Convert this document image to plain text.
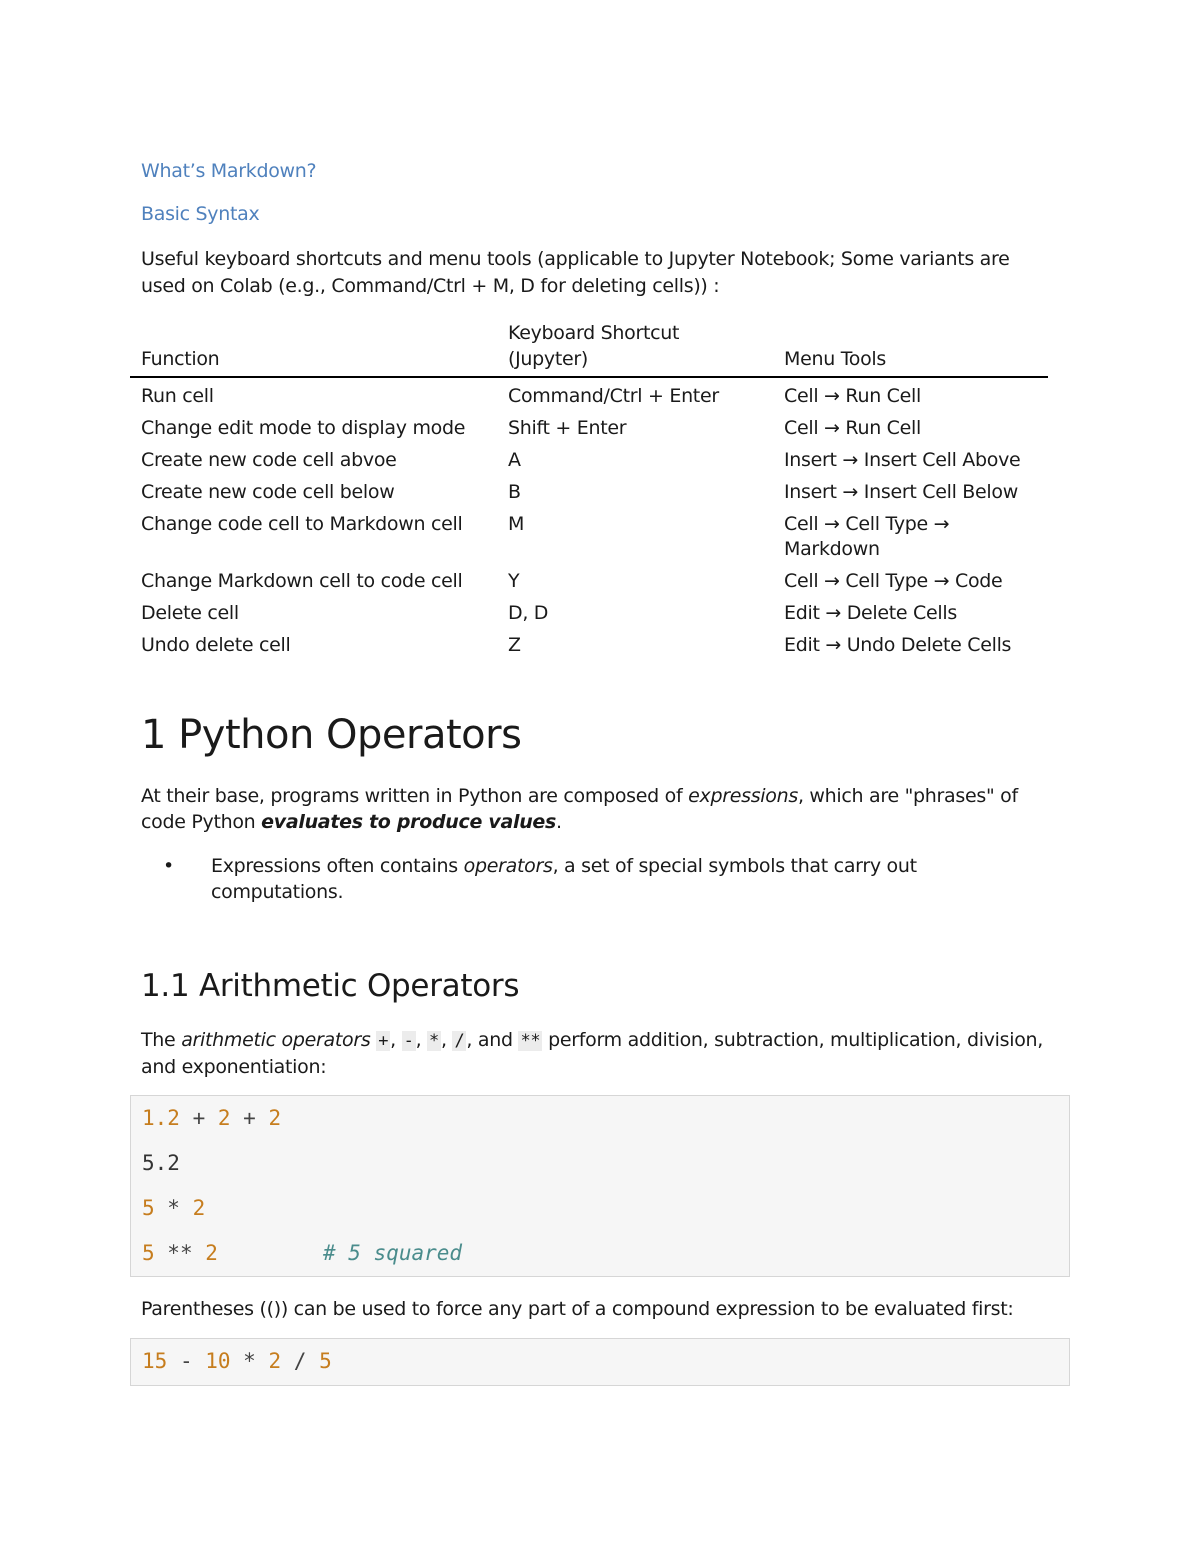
What’s Markdown?
Basic Syntax
Useful keyboard shortcuts and menu tools (applicable to Jupyter Notebook; Some variants are used on Colab (e.g., Command/Ctrl + M, D for deleting cells)) :
Function	Keyboard Shortcut (Jupyter)	Menu Tools
Run cell	Command/Ctrl + Enter	Cell → Run Cell
Change edit mode to display mode	Shift + Enter	Cell → Run Cell
Create new code cell abvoe	A	Insert → Insert Cell Above
Create new code cell below	B	Insert → Insert Cell Below
Change code cell to Markdown cell	M	Cell → Cell Type → Markdown
Change Markdown cell to code cell	Y	Cell → Cell Type → Code
Delete cell	D, D	Edit → Delete Cells
Undo delete cell	Z	Edit → Undo Delete Cells
1 Python Operators
At their base, programs written in Python are composed of expressions, which are "phrases" of code Python evaluates to produce values.
• Expressions often contains operators, a set of special symbols that carry out computations.
1.1 Arithmetic Operators
The arithmetic operators + , - , * , / , and ** perform addition, subtraction, multiplication, division, and exponentiation:
1.2 + 2 + 2
5.2
5 * 2
5 ** 2	# 5 squared
Parentheses (()) can be used to force any part of a compound expression to be evaluated first:
15 - 10 * 2 / 5
